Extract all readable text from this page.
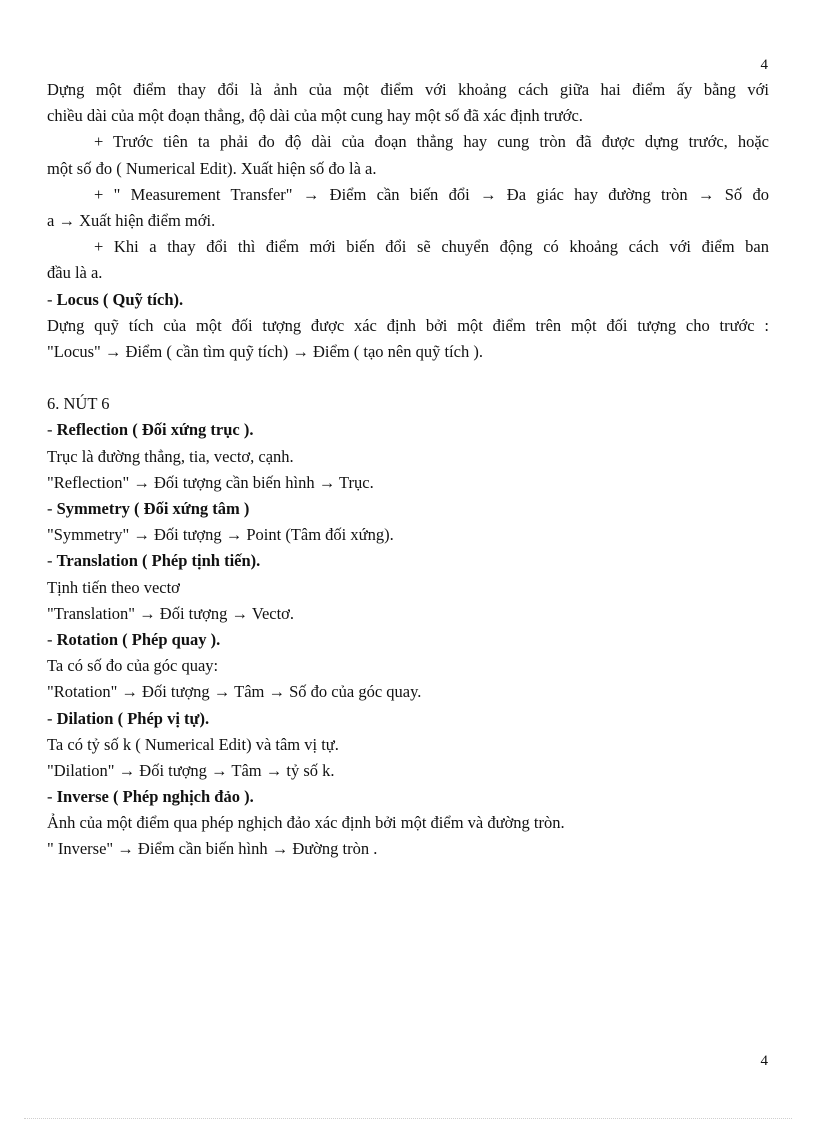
4
Dựng một điểm thay đổi là ảnh của một điểm với khoảng cách giữa hai điểm ấy bằng với
chiều dài của một đoạn thẳng, độ dài của một cung hay một số đã xác định trước.
+ Trước tiên ta phải đo độ dài của đoạn thẳng hay cung tròn đã được dựng trước, hoặc
một số đo ( Numerical Edit). Xuất hiện số đo là a.
+ " Measurement Transfer" → Điểm cần biến đổi → Đa giác hay đường tròn → Số đo
a → Xuất hiện điểm mới.
+ Khi a thay đổi thì điểm mới biến đổi sẽ chuyển động có khoảng cách với điểm ban
đầu là a.
- Locus ( Quỹ tích).
Dựng quỹ tích của một đối tượng được xác định bởi một điểm trên một đối tượng cho trước :
"Locus" → Điểm ( cần tìm quỹ tích) → Điểm ( tạo nên quỹ tích ).
6. NÚT 6
- Reflection ( Đối xứng trục ).
Trục là đường thẳng, tia, vectơ, cạnh.
"Reflection" → Đối tượng cần biến hình → Trục.
- Symmetry ( Đối xứng tâm )
"Symmetry" → Đối tượng → Point (Tâm đối xứng).
- Translation ( Phép tịnh tiến).
Tịnh tiến theo vectơ
"Translation" → Đối tượng → Vectơ.
- Rotation ( Phép quay ).
Ta có số đo của góc quay:
"Rotation" → Đối tượng → Tâm → Số đo của góc quay.
- Dilation ( Phép vị tự).
Ta có tỷ số k ( Numerical Edit) và tâm vị tự.
"Dilation" → Đối tượng → Tâm → tỷ số k.
- Inverse ( Phép nghịch đảo ).
Ảnh của một điểm qua phép nghịch đảo xác định bởi một điểm và đường tròn.
" Inverse" → Điểm cần biến hình → Đường tròn .
4
